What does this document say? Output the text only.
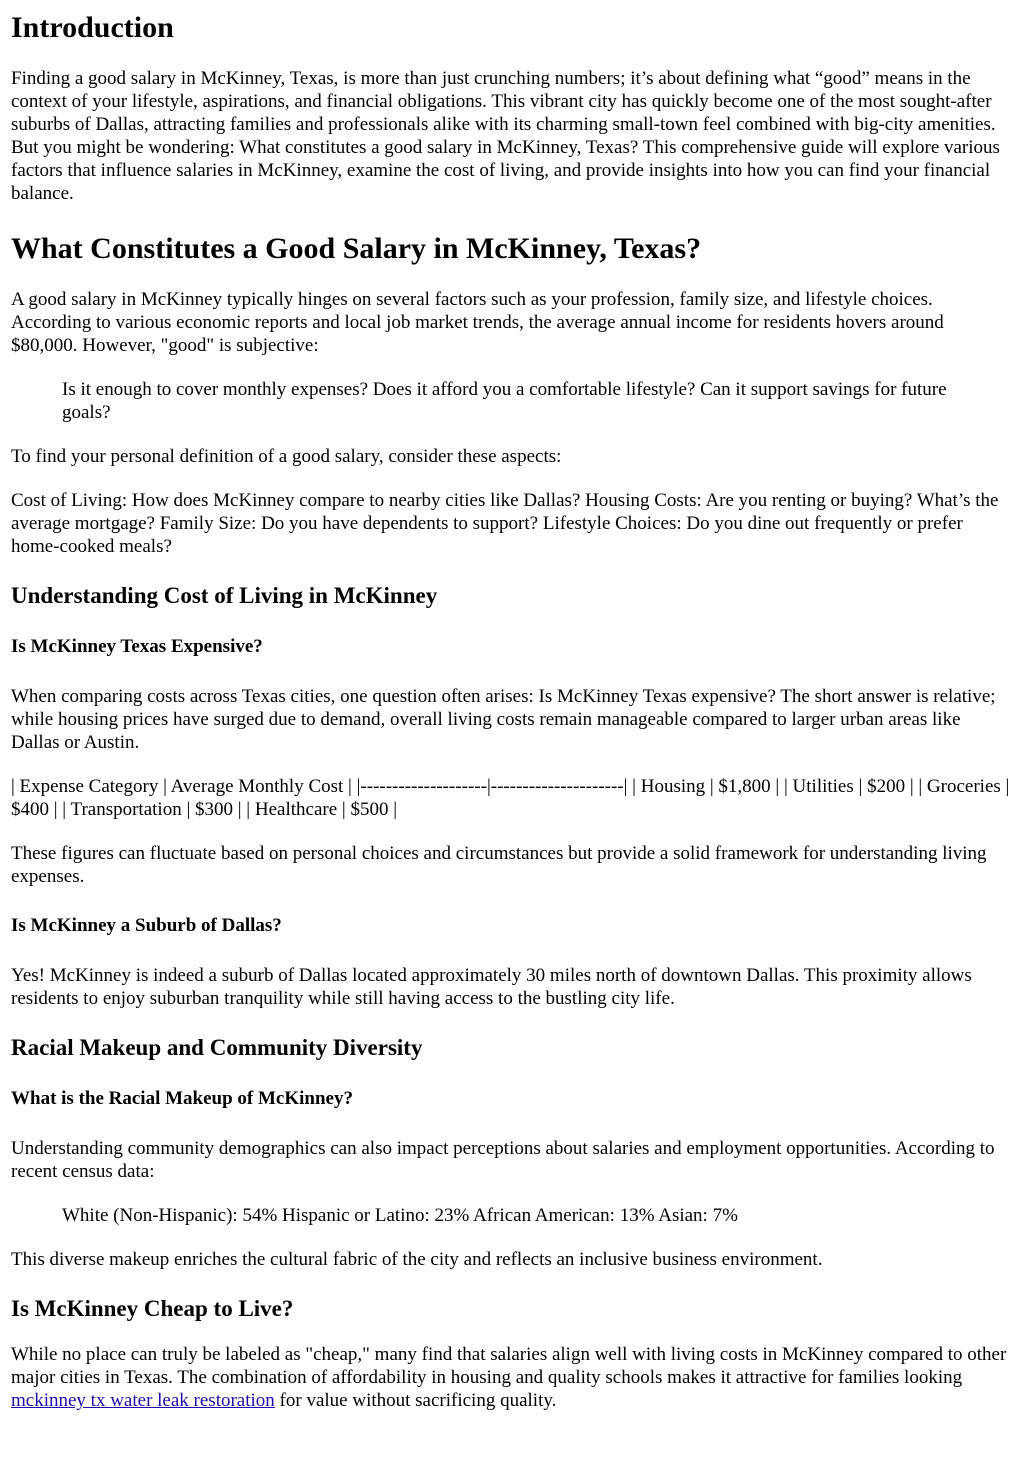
Introduction

Finding a good salary in McKinney, Texas, is more than just crunching numbers; it’s about defining what “good” means in the context of your lifestyle, aspirations, and financial obligations. This vibrant city has quickly become one of the most sought-after suburbs of Dallas, attracting families and professionals alike with its charming small-town feel combined with big-city amenities. But you might be wondering: What constitutes a good salary in McKinney, Texas? This comprehensive guide will explore various factors that influence salaries in McKinney, examine the cost of living, and provide insights into how you can find your financial balance.

What Constitutes a Good Salary in McKinney, Texas?

A good salary in McKinney typically hinges on several factors such as your profession, family size, and lifestyle choices. According to various economic reports and local job market trends, the average annual income for residents hovers around $80,000. However, "good" is subjective:

Is it enough to cover monthly expenses? Does it afford you a comfortable lifestyle? Can it support savings for future goals?

To find your personal definition of a good salary, consider these aspects:

Cost of Living: How does McKinney compare to nearby cities like Dallas? Housing Costs: Are you renting or buying? What’s the average mortgage? Family Size: Do you have dependents to support? Lifestyle Choices: Do you dine out frequently or prefer home-cooked meals?

Understanding Cost of Living in McKinney
Is McKinney Texas Expensive?

When comparing costs across Texas cities, one question often arises: Is McKinney Texas expensive? The short answer is relative; while housing prices have surged due to demand, overall living costs remain manageable compared to larger urban areas like Dallas or Austin.

| Expense Category | Average Monthly Cost | |--------------------|---------------------| | Housing | $1,800 | | Utilities | $200 | | Groceries | $400 | | Transportation | $300 | | Healthcare | $500 |

These figures can fluctuate based on personal choices and circumstances but provide a solid framework for understanding living expenses.

Is McKinney a Suburb of Dallas?

Yes! McKinney is indeed a suburb of Dallas located approximately 30 miles north of downtown Dallas. This proximity allows residents to enjoy suburban tranquility while still having access to the bustling city life.

Racial Makeup and Community Diversity
What is the Racial Makeup of McKinney?

Understanding community demographics can also impact perceptions about salaries and employment opportunities. According to recent census data:

White (Non-Hispanic): 54% Hispanic or Latino: 23% African American: 13% Asian: 7%

This diverse makeup enriches the cultural fabric of the city and reflects an inclusive business environment.

Is McKinney Cheap to Live?

While no place can truly be labeled as "cheap," many find that salaries align well with living costs in McKinney compared to other major cities in Texas. The combination of affordability in housing and quality schools makes it attractive for families looking mckinney tx water leak restoration for value without sacrificing quality.
